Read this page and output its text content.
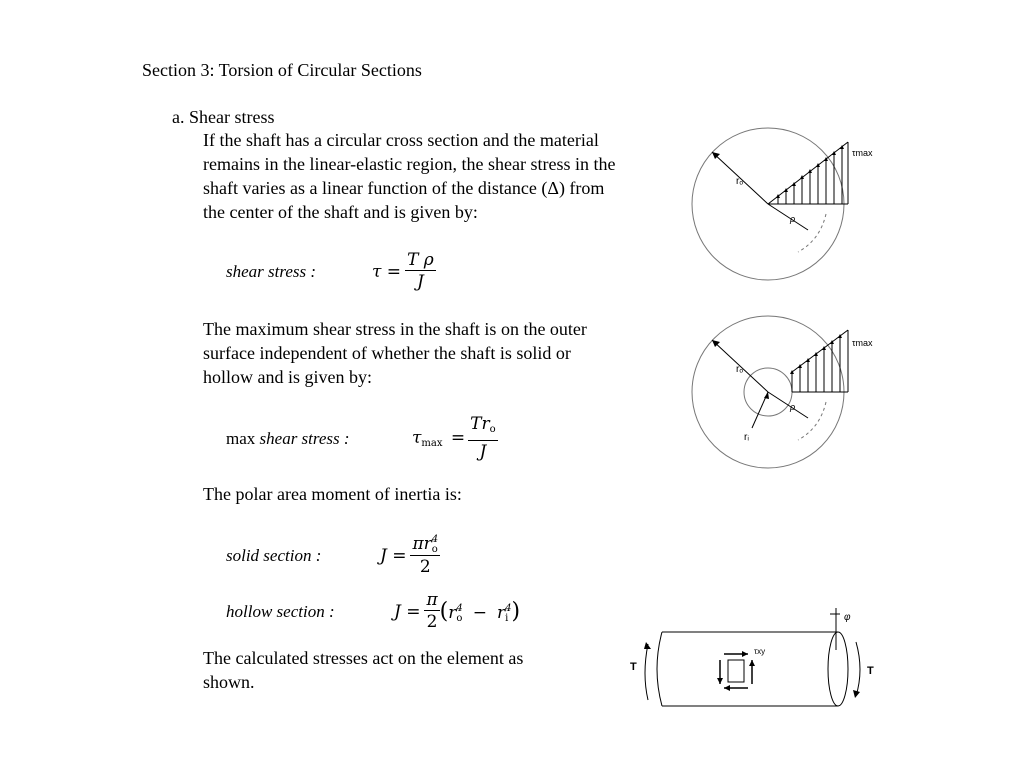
Section 3: Torsion of Circular Sections
a. Shear stress
If the shaft has a circular cross section and the material
remains in the linear-elastic region, the shear stress in the
shaft varies as a linear function of the distance (Δ) from
the center of the shaft and is given by:
shear stress :	$\tau = \frac{\text{T ρ}}{J}$
The maximum shear stress in the shaft is on the outer
surface independent of whether the shaft is solid or
hollow and is given by:
max shear stress :	$\tau_{max} = \frac{Tr_o}{J}$
The polar area moment of inertia is:
solid section :	J = πr 4
o
2
hollow section :	$J = \frac{\pi}{2} (r$ 4
o − r 4
i )
The calculated stresses act on the element as
shown.
τmax
rₒ
ρ
τmax
rₒ
rᵢ
ρ
T	T
φ
τxy
